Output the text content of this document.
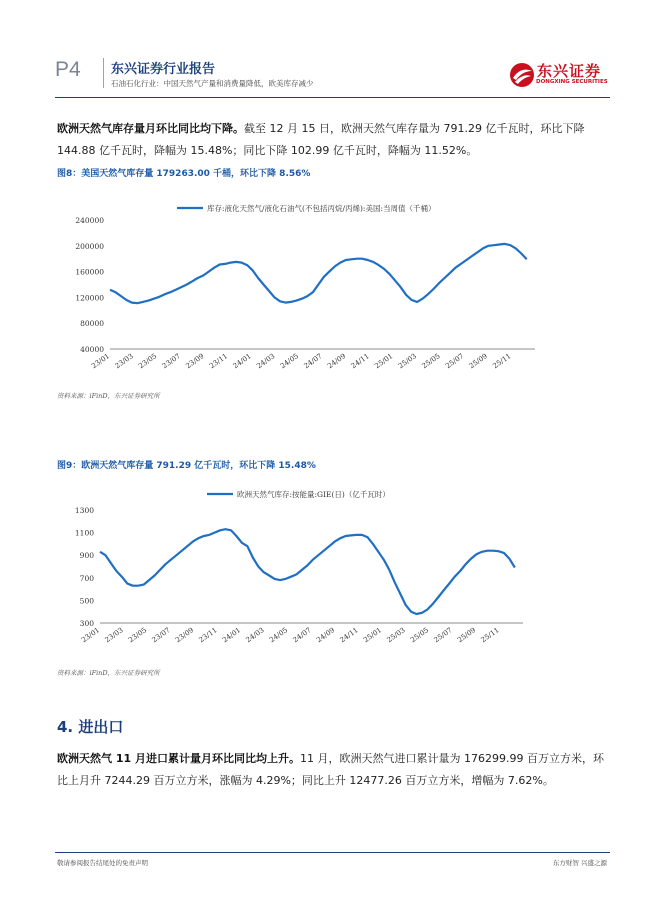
P4 东兴证券行业报告
石油石化行业：中国天然气产量和消费量降低，欧美库存减少
东兴证券
DONGXING SECURITIES
欧洲天然气库存量月环比同比均下降。截至 12 月 15 日，欧洲天然气库存量为 791.29 亿千瓦时，环比下降 144.88 亿千瓦时，降幅为 15.48%；同比下降 102.99 亿千瓦时，降幅为 11.52%。
图8：美国天然气库存量 179263.00 千桶，环比下降 8.56%
库存:液化天然气/液化石油气(不包括丙烷/丙烯):美国:当周值（千桶）
240000
200000
160000
120000
80000
40000
23/01 23/03 23/05 23/07 23/09 23/11 24/01 24/03 24/05 24/07 24/09 24/11 25/01 25/03 25/05 25/07 25/09 25/11
资料来源：iFinD，东兴证券研究所
图9：欧洲天然气库存量 791.29 亿千瓦时，环比下降 15.48%
欧洲天然气库存:按能量:GIE(日)（亿千瓦时）
1300
1100
900
700
500
300
23/01 23/03 23/05 23/07 23/09 23/11 24/01 24/03 24/05 24/07 24/09 24/11 25/01 25/03 25/05 25/07 25/09 25/11
资料来源：iFinD，东兴证券研究所
4. 进出口
欧洲天然气 11 月进口累计量月环比同比均上升。11 月，欧洲天然气进口累计量为 176299.99 百万立方米，环比上月升 7244.29 百万立方米，涨幅为 4.29%；同比上升 12477.26 百万立方米，增幅为 7.62%。
敬请参阅报告结尾处的免责声明	东方财智 兴盛之源
